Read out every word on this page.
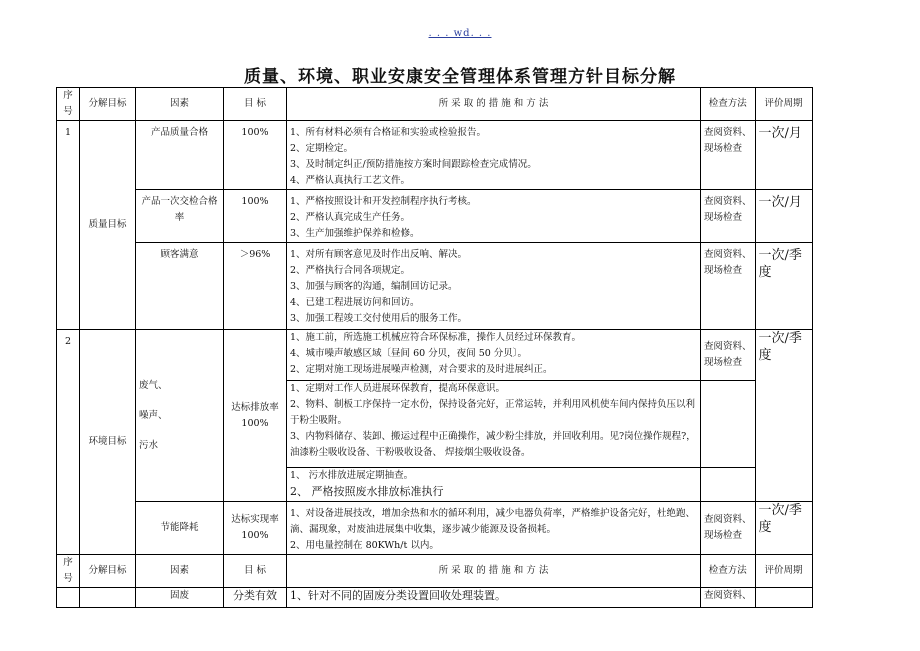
. . . wd. . .
质量、环境、职业安康安全管理体系管理方针目标分解
序号	分解目标	因素	目 标	所 采 取 的 措 施 和 方 法	检查方法	评价周期
1	质量目标	产品质量合格	100%	1、所有材料必须有合格证和实验或检验报告。
2、定期检定。
3、及时制定纠正/预防措施按方案时间跟踪检查完成情况。
4、严格认真执行工艺文件。	查阅资料、
现场检查	一次/月
		产品一次交检合格率	100%	1、严格按照设计和开发控制程序执行考核。
2、严格认真完成生产任务。
3、生产加强维护保养和检修。	查阅资料、
现场检查	一次/月
		顾客满意	＞96%	1、对所有顾客意见及时作出反响、解决。
2、严格执行合同各项规定。
3、加强与顾客的沟通，编制回访记录。
4、已建工程进展访问和回访。
3、加强工程竣工交付使用后的服务工作。	查阅资料、
现场检查	一次/季度
2	环境目标	废气、
噪声、
污水	达标排放率
100%	1、施工前，所选施工机械应符合环保标准，操作人员经过环保教育。
4、城市噪声敏感区域〔昼间 60 分贝，夜间 50 分贝〕。
2、定期对施工现场进展噪声检测，对合要求的及时进展纠正。	查阅资料、
现场检查	一次/季度

				1、定期对工作人员进展环保教育，提高环保意识。
2、物料、制板工序保持一定水份，保持设备完好，正常运转，并利用风机使车间内保持负压以利于粉尘吸附。
3、内物料储存、装卸、搬运过程中正确操作，减少粉尘排放，并回收利用。见?岗位操作规程?，油漆粉尘吸收设备、干粉吸收设备、 焊接烟尘吸收设备。		

				1、 污水排放进展定期抽查。
2、 严格按照废水排放标准执行		

		节能降耗	达标实现率
100%	1、对设备进展技改，增加余热和水的循环利用，减少电器负荷率，严格维护设备完好，杜绝跑、滴、漏现象，对废油进展集中收集，逐步减少能源及设备损耗。
2、用电量控制在 80KWh/t 以内。	查阅资料、
现场检查	一次/季度
序号	分解目标	因素	目 标	所 采 取 的 措 施 和 方 法	检查方法	评价周期
		固废	分类有效	1、针对不同的固废分类设置回收处理装置。	查阅资料、	
